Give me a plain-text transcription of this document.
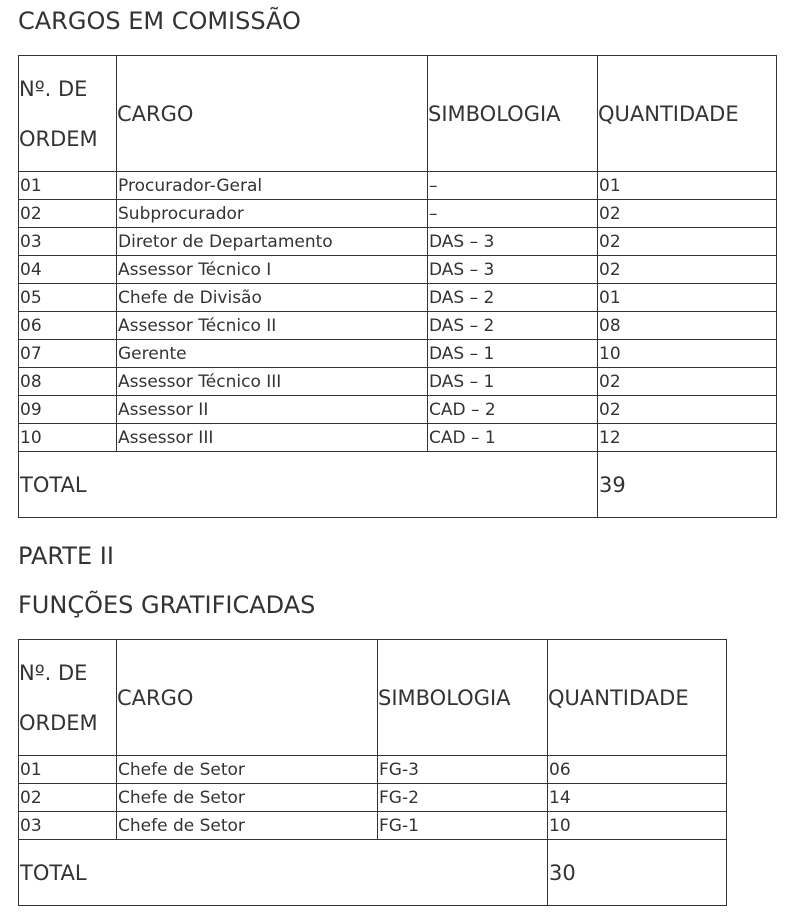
CARGOS EM COMISSÃO
Nº. DE ORDEM	CARGO	SIMBOLOGIA	QUANTIDADE
01	Procurador-Geral	–	01
02	Subprocurador	–	02
03	Diretor de Departamento	DAS – 3	02
04	Assessor Técnico I	DAS – 3	02
05	Chefe de Divisão	DAS – 2	01
06	Assessor Técnico II	DAS – 2	08
07	Gerente	DAS – 1	10
08	Assessor Técnico III	DAS – 1	02
09	Assessor II	CAD – 2	02
10	Assessor III	CAD – 1	12
TOTAL			39
PARTE II
FUNÇÕES GRATIFICADAS
Nº. DE ORDEM	CARGO	SIMBOLOGIA	QUANTIDADE
01	Chefe de Setor	FG-3	06
02	Chefe de Setor	FG-2	14
03	Chefe de Setor	FG-1	10
TOTAL			30
